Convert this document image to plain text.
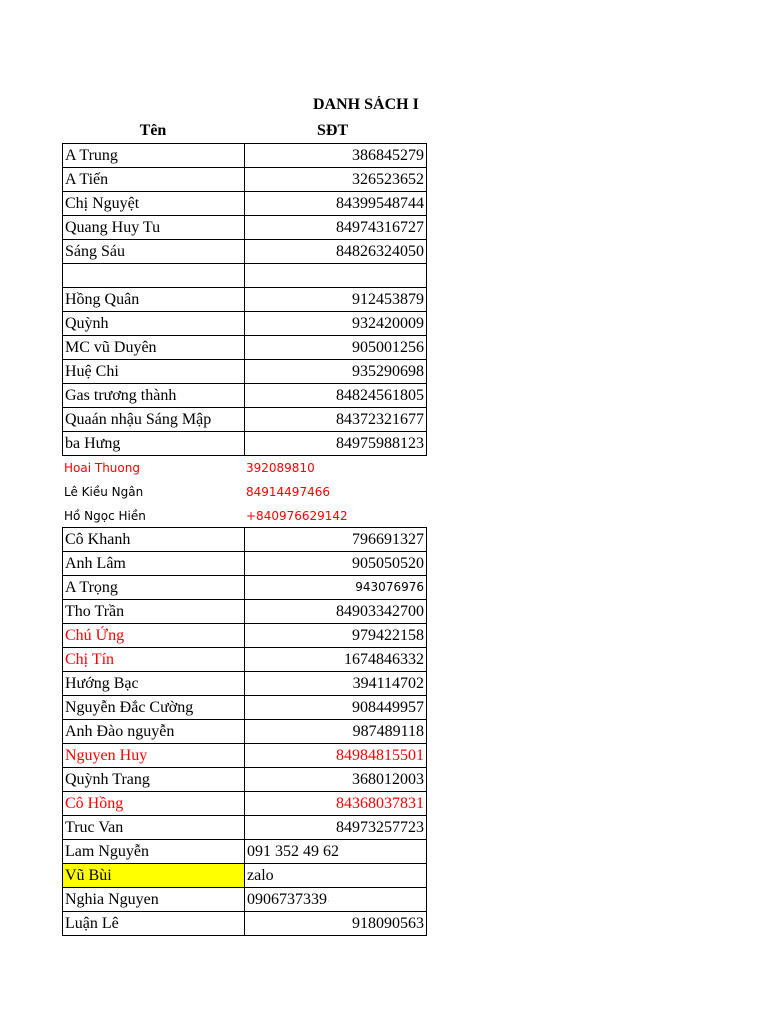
DANH SÁCH I
Tên	SĐT
A Trung	386845279
A Tiến	326523652
Chị Nguyệt	84399548744
Quang Huy Tu	84974316727
Sáng Sáu	84826324050
Hồng Quân	912453879
Quỳnh	932420009
MC vũ Duyên	905001256
Huệ Chi	935290698
Gas trương thành	84824561805
Quaán nhậu Sáng Mập	84372321677
ba Hưng	84975988123
Hoai Thuong	392089810
Lê Kiều Ngân	84914497466
Hồ Ngọc Hiền	+840976629142
Cô Khanh	796691327
Anh Lâm	905050520
A Trọng	943076976
Tho Trần	84903342700
Chú Ứng	979422158
Chị Tín	1674846332
Hướng Bạc	394114702
Nguyễn Đắc Cường	908449957
Anh Đào nguyễn	987489118
Nguyen Huy	84984815501
Quỳnh Trang	368012003
Cô Hồng	84368037831
Truc Van	84973257723
Lam Nguyễn	091 352 49 62
Vũ Bùi	zalo
Nghia Nguyen	0906737339·
Luận Lê	918090563
